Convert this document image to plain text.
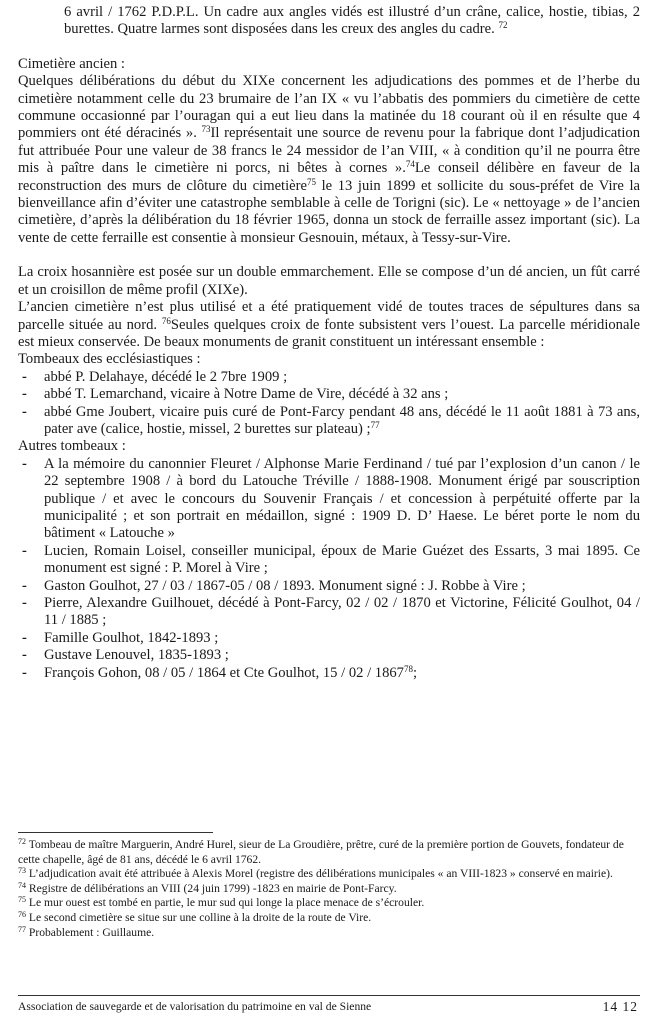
6 avril / 1762 P.D.P.L. Un cadre aux angles vidés est illustré d’un crâne, calice, hostie, tibias, 2 burettes. Quatre larmes sont disposées dans les creux des angles du cadre. $^{72}$

Cimetière ancien :

Quelques délibérations du début du XIXe concernent les adjudications des pommes et de l’herbe du cimetière notamment celle du 23 brumaire de l’an IX « vu l’abbatis des pommiers du cimetière de cette commune occasionné par l’ouragan qui a eut lieu dans la matinée du 18 courant où il en résulte que 4 pommiers ont été déracinés ». $^{73}$Il représentait une source de revenu pour la fabrique dont l’adjudication fut attribuée Pour une valeur de 38 francs le 24 messidor de l’an VIII, « à condition qu’il ne pourra être mis à paître dans le cimetière ni porcs, ni bêtes à cornes ».$^{74}$Le conseil délibère en faveur de la reconstruction des murs de clôture du cimetière$^{75}$ le 13 juin 1899 et sollicite du sous-préfet de Vire la bienveillance afin d’éviter une catastrophe semblable à celle de Torigni (sic). Le « nettoyage » de l’ancien cimetière, d’après la délibération du 18 février 1965, donna un stock de ferraille assez important (sic). La vente de cette ferraille est consentie à monsieur Gesnouin, métaux, à Tessy-sur-Vire.

La croix hosannière est posée sur un double emmarchement. Elle se compose d’un dé ancien, un fût carré et un croisillon de même profil (XIXe).

L’ancien cimetière n’est plus utilisé et a été pratiquement vidé de toutes traces de sépultures dans sa parcelle située au nord. $^{76}$Seules quelques croix de fonte subsistent vers l’ouest. La parcelle méridionale est mieux conservée. De beaux monuments de granit constituent un intéressant ensemble :

Tombeaux des ecclésiastiques :

- abbé P. Delahaye, décédé le 2 7bre 1909 ;
- abbé T. Lemarchand, vicaire à Notre Dame de Vire, décédé à 32 ans ;
- abbé Gme Joubert, vicaire puis curé de Pont-Farcy pendant 48 ans, décédé le 11 août 1881 à 73 ans, pater ave (calice, hostie, missel, 2 burettes sur plateau) ;$^{77}$

Autres tombeaux :

- A la mémoire du canonnier Fleuret / Alphonse Marie Ferdinand / tué par l’explosion d’un canon / le 22 septembre 1908 / à bord du Latouche Tréville / 1888-1908. Monument érigé par souscription publique / et avec le concours du Souvenir Français / et concession à perpétuité offerte par la municipalité ; et son portrait en médaillon, signé : 1909 D. D’ Haese. Le béret porte le nom du bâtiment « Latouche »
- Lucien, Romain Loisel, conseiller municipal, époux de Marie Guézet des Essarts, 3 mai 1895. Ce monument est signé : P. Morel à Vire ;
- Gaston Goulhot, 27 / 03 / 1867-05 / 08 / 1893. Monument signé : J. Robbe à Vire ;
- Pierre, Alexandre Guilhouet, décédé à Pont-Farcy, 02 / 02 / 1870 et Victorine, Félicité Goulhot, 04 / 11 / 1885 ;
- Famille Goulhot, 1842-1893 ;
- Gustave Lenouvel, 1835-1893 ;
- François Gohon, 08 / 05 / 1864 et Cte Goulhot, 15 / 02 / 1867$^{78}$;

$^{72}$ Tombeau de maître Marguerin, André Hurel, sieur de La Groudière, prêtre, curé de la première portion de Gouvets, fondateur de cette chapelle, âgé de 81 ans, décédé le 6 avril 1762.

$^{73}$ L’adjudication avait été attribuée à Alexis Morel (registre des délibérations municipales « an VIII-1823 » conservé en mairie).

$^{74}$ Registre de délibérations an VIII (24 juin 1799) -1823 en mairie de Pont-Farcy.

$^{75}$ Le mur ouest est tombé en partie, le mur sud qui longe la place menace de s’écrouler.

$^{76}$ Le second cimetière se situe sur une colline à la droite de la route de Vire.

$^{77}$ Probablement : Guillaume.

Association de sauvegarde et de valorisation du patrimoine en val de Sienne	14 12
